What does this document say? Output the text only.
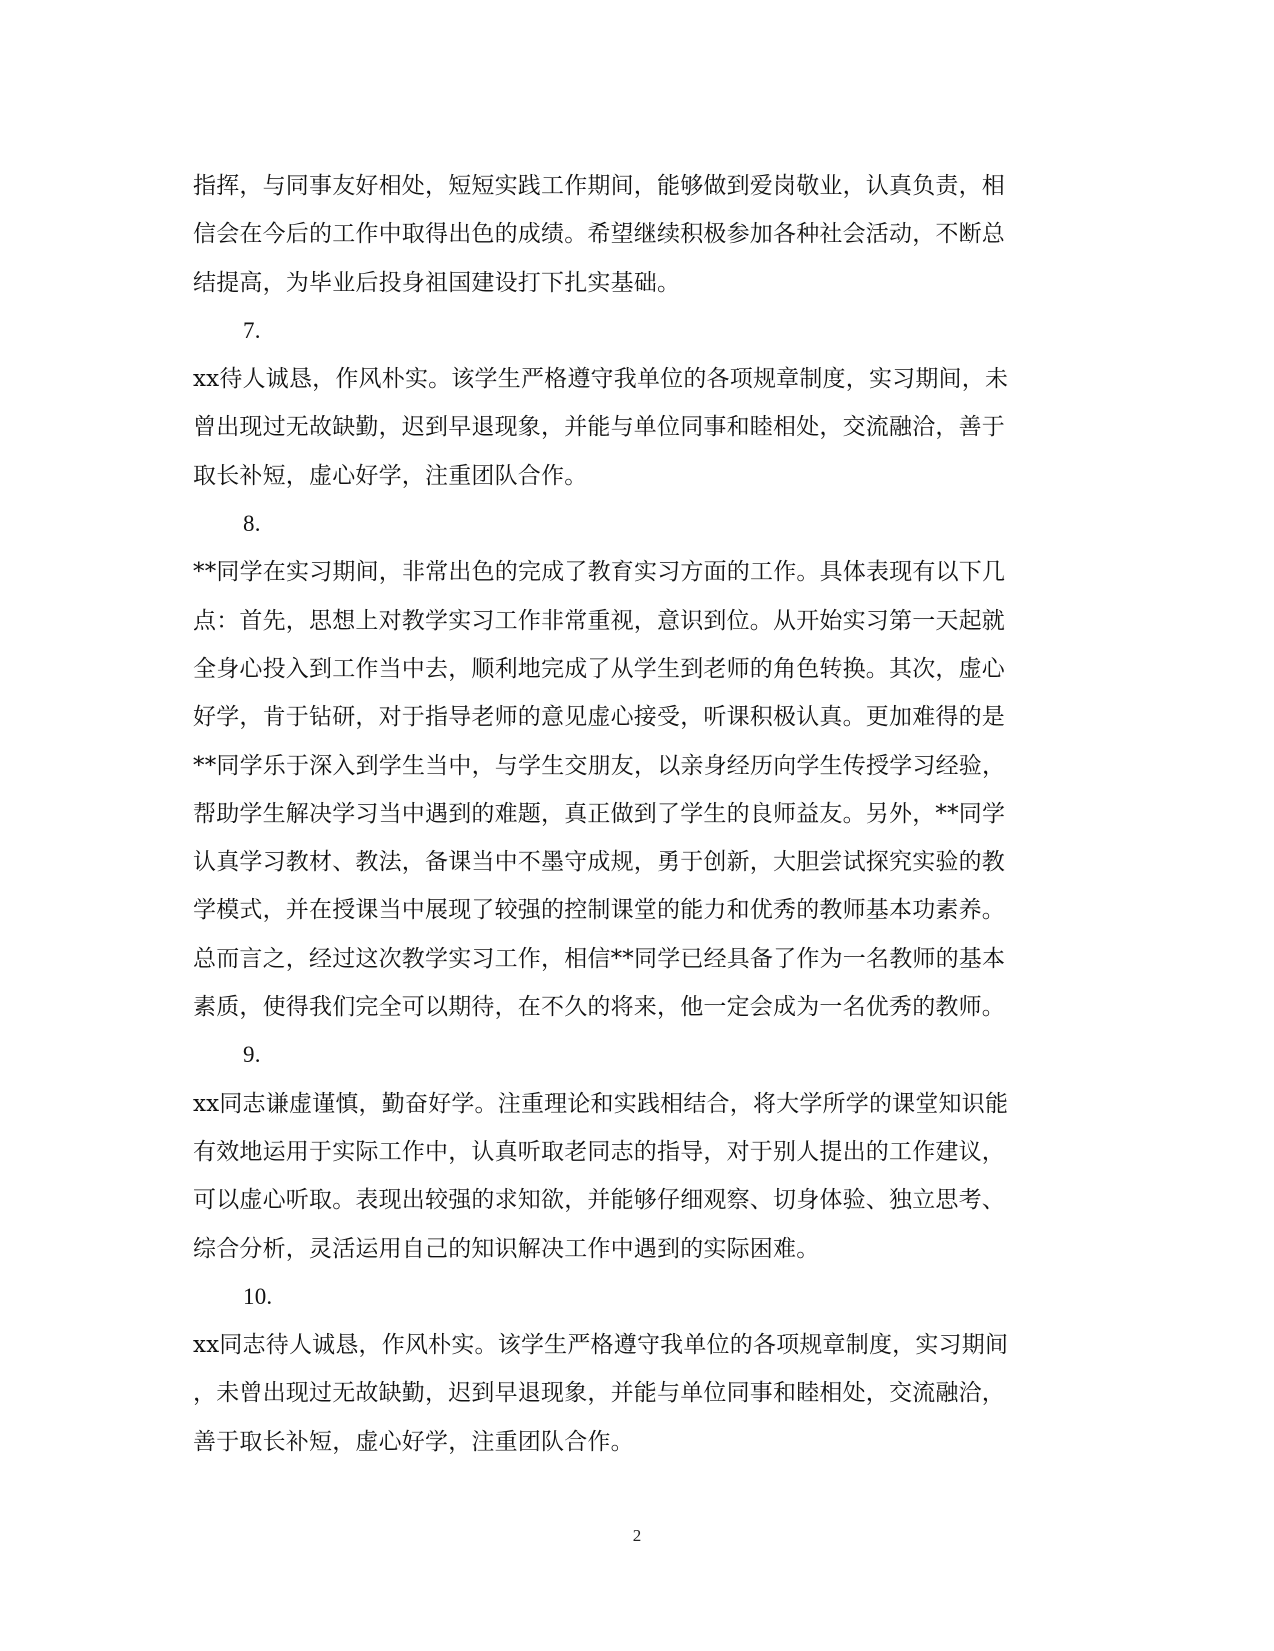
指挥，与同事友好相处，短短实践工作期间，能够做到爱岗敬业，认真负责，相
信会在今后的工作中取得出色的成绩。希望继续积极参加各种社会活动，不断总
结提高，为毕业后投身祖国建设打下扎实基础。
7.
xx待人诚恳，作风朴实。该学生严格遵守我单位的各项规章制度，实习期间，未
曾出现过无故缺勤，迟到早退现象，并能与单位同事和睦相处，交流融洽，善于
取长补短，虚心好学，注重团队合作。
8.
**同学在实习期间，非常出色的完成了教育实习方面的工作。具体表现有以下几
点：首先，思想上对教学实习工作非常重视，意识到位。从开始实习第一天起就
全身心投入到工作当中去，顺利地完成了从学生到老师的角色转换。其次，虚心
好学，肯于钻研，对于指导老师的意见虚心接受，听课积极认真。更加难得的是
**同学乐于深入到学生当中，与学生交朋友，以亲身经历向学生传授学习经验，
帮助学生解决学习当中遇到的难题，真正做到了学生的良师益友。另外，**同学
认真学习教材、教法，备课当中不墨守成规，勇于创新，大胆尝试探究实验的教
学模式，并在授课当中展现了较强的控制课堂的能力和优秀的教师基本功素养。
总而言之，经过这次教学实习工作，相信**同学已经具备了作为一名教师的基本
素质，使得我们完全可以期待，在不久的将来，他一定会成为一名优秀的教师。
9.
xx同志谦虚谨慎，勤奋好学。注重理论和实践相结合，将大学所学的课堂知识能
有效地运用于实际工作中，认真听取老同志的指导，对于别人提出的工作建议，
可以虚心听取。表现出较强的求知欲，并能够仔细观察、切身体验、独立思考、
综合分析，灵活运用自己的知识解决工作中遇到的实际困难。
10.
xx同志待人诚恳，作风朴实。该学生严格遵守我单位的各项规章制度，实习期间
，未曾出现过无故缺勤，迟到早退现象，并能与单位同事和睦相处，交流融洽，
善于取长补短，虚心好学，注重团队合作。
2
